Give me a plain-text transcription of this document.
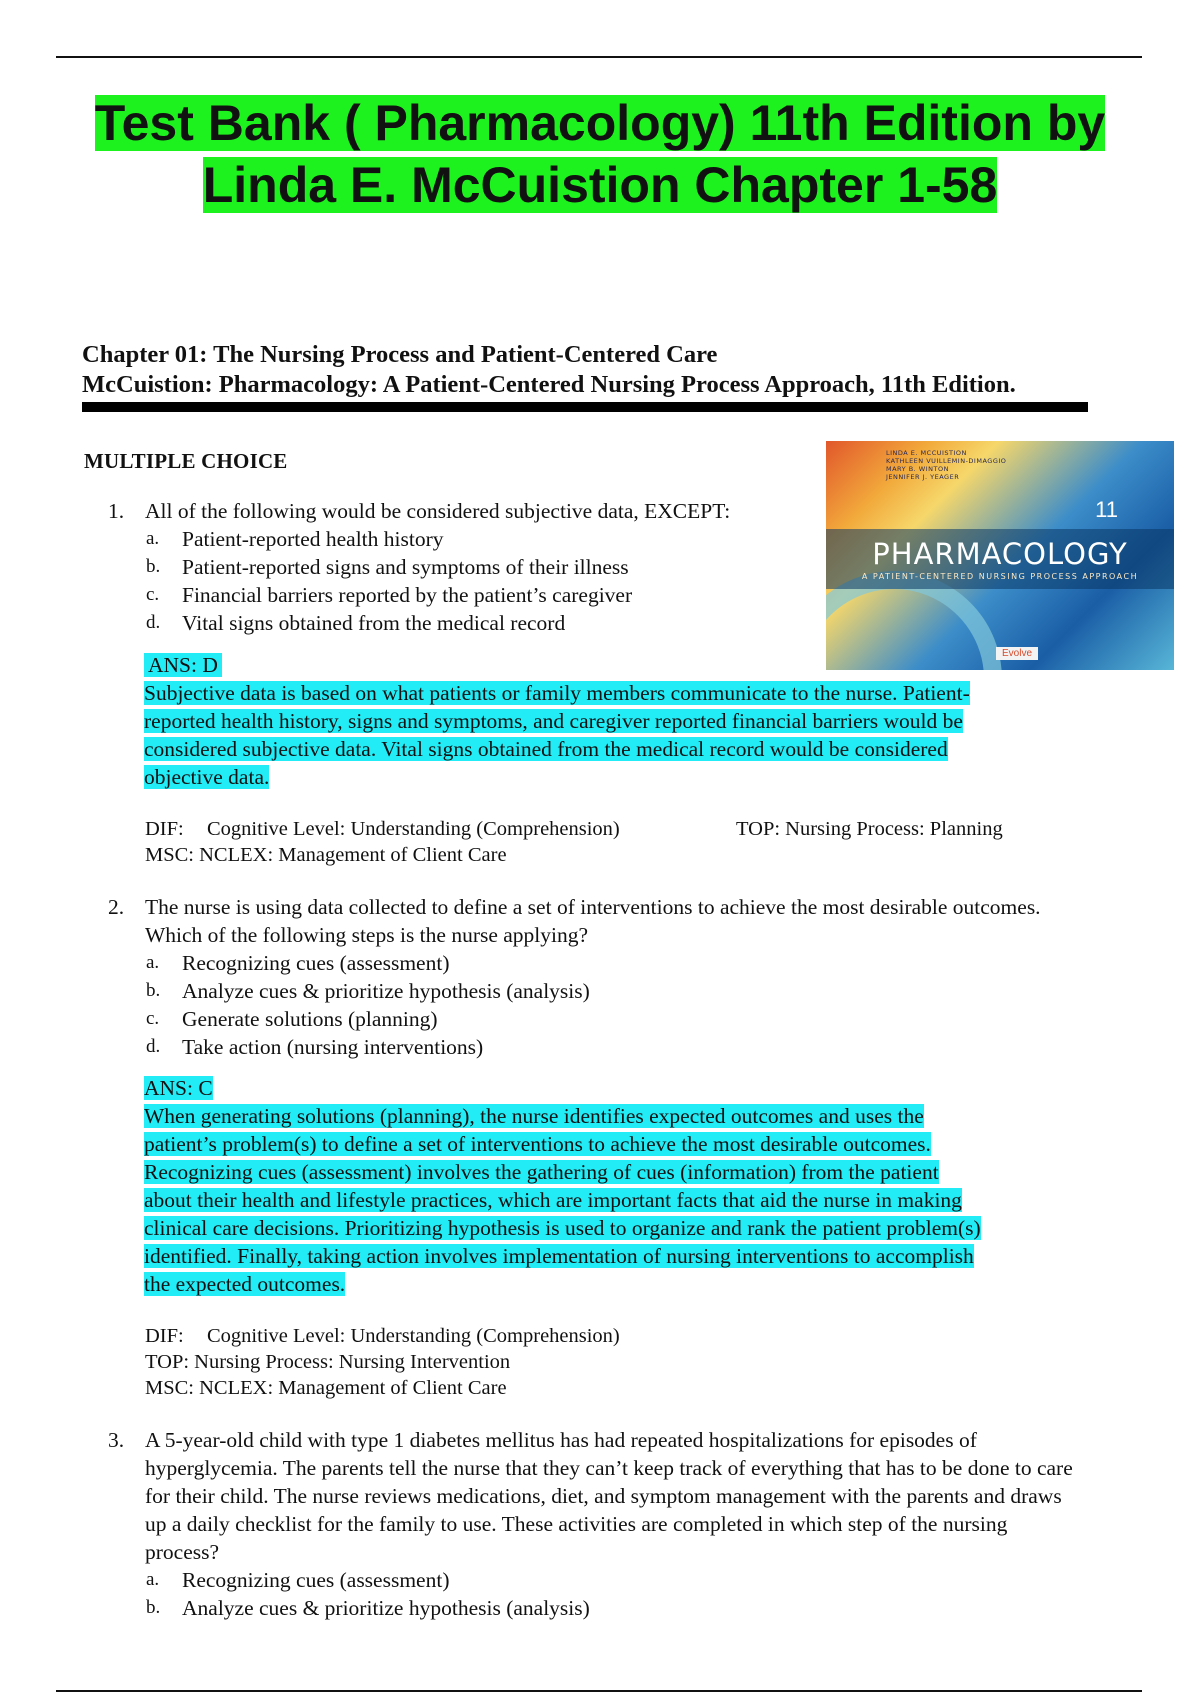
Test Bank ( Pharmacology) 11th Edition by
Linda E. McCuistion Chapter 1-58
Chapter 01: The Nursing Process and Patient-Centered Care
McCuistion: Pharmacology: A Patient-Centered Nursing Process Approach, 11th Edition.
MULTIPLE CHOICE	LINDA E. MCCUISTION
KATHLEEN VUILLEMIN-DIMAGGIO
MARY B. WINTON
JENNIFER J. YEAGER
11
PHARMACOLOGY
A PATIENT-CENTERED NURSING PROCESS APPROACH
Evolve
1. All of the following would be considered subjective data, EXCEPT:
a. Patient-reported health history
b. Patient-reported signs and symptoms of their illness
c. Financial barriers reported by the patient’s caregiver
d. Vital signs obtained from the medical record
ANS: D
Subjective data is based on what patients or family members communicate to the nurse. Patient-
reported health history, signs and symptoms, and caregiver reported financial barriers would be
considered subjective data. Vital signs obtained from the medical record would be considered
objective data.
DIF: Cognitive Level: Understanding (Comprehension)	TOP: Nursing Process: Planning
MSC: NCLEX: Management of Client Care
2. The nurse is using data collected to define a set of interventions to achieve the most desirable outcomes. Which of the following steps is the nurse applying?
a. Recognizing cues (assessment)
b. Analyze cues & prioritize hypothesis (analysis)
c. Generate solutions (planning)
d. Take action (nursing interventions)
ANS: C
When generating solutions (planning), the nurse identifies expected outcomes and uses the
patient’s problem(s) to define a set of interventions to achieve the most desirable outcomes.
Recognizing cues (assessment) involves the gathering of cues (information) from the patient
about their health and lifestyle practices, which are important facts that aid the nurse in making
clinical care decisions. Prioritizing hypothesis is used to organize and rank the patient problem(s)
identified. Finally, taking action involves implementation of nursing interventions to accomplish
the expected outcomes.
DIF: Cognitive Level: Understanding (Comprehension)
TOP: Nursing Process: Nursing Intervention
MSC: NCLEX: Management of Client Care
3. A 5-year-old child with type 1 diabetes mellitus has had repeated hospitalizations for episodes of hyperglycemia. The parents tell the nurse that they can’t keep track of everything that has to be done to care for their child. The nurse reviews medications, diet, and symptom management with the parents and draws up a daily checklist for the family to use. These activities are completed in which step of the nursing process?
a. Recognizing cues (assessment)
b. Analyze cues & prioritize hypothesis (analysis)
